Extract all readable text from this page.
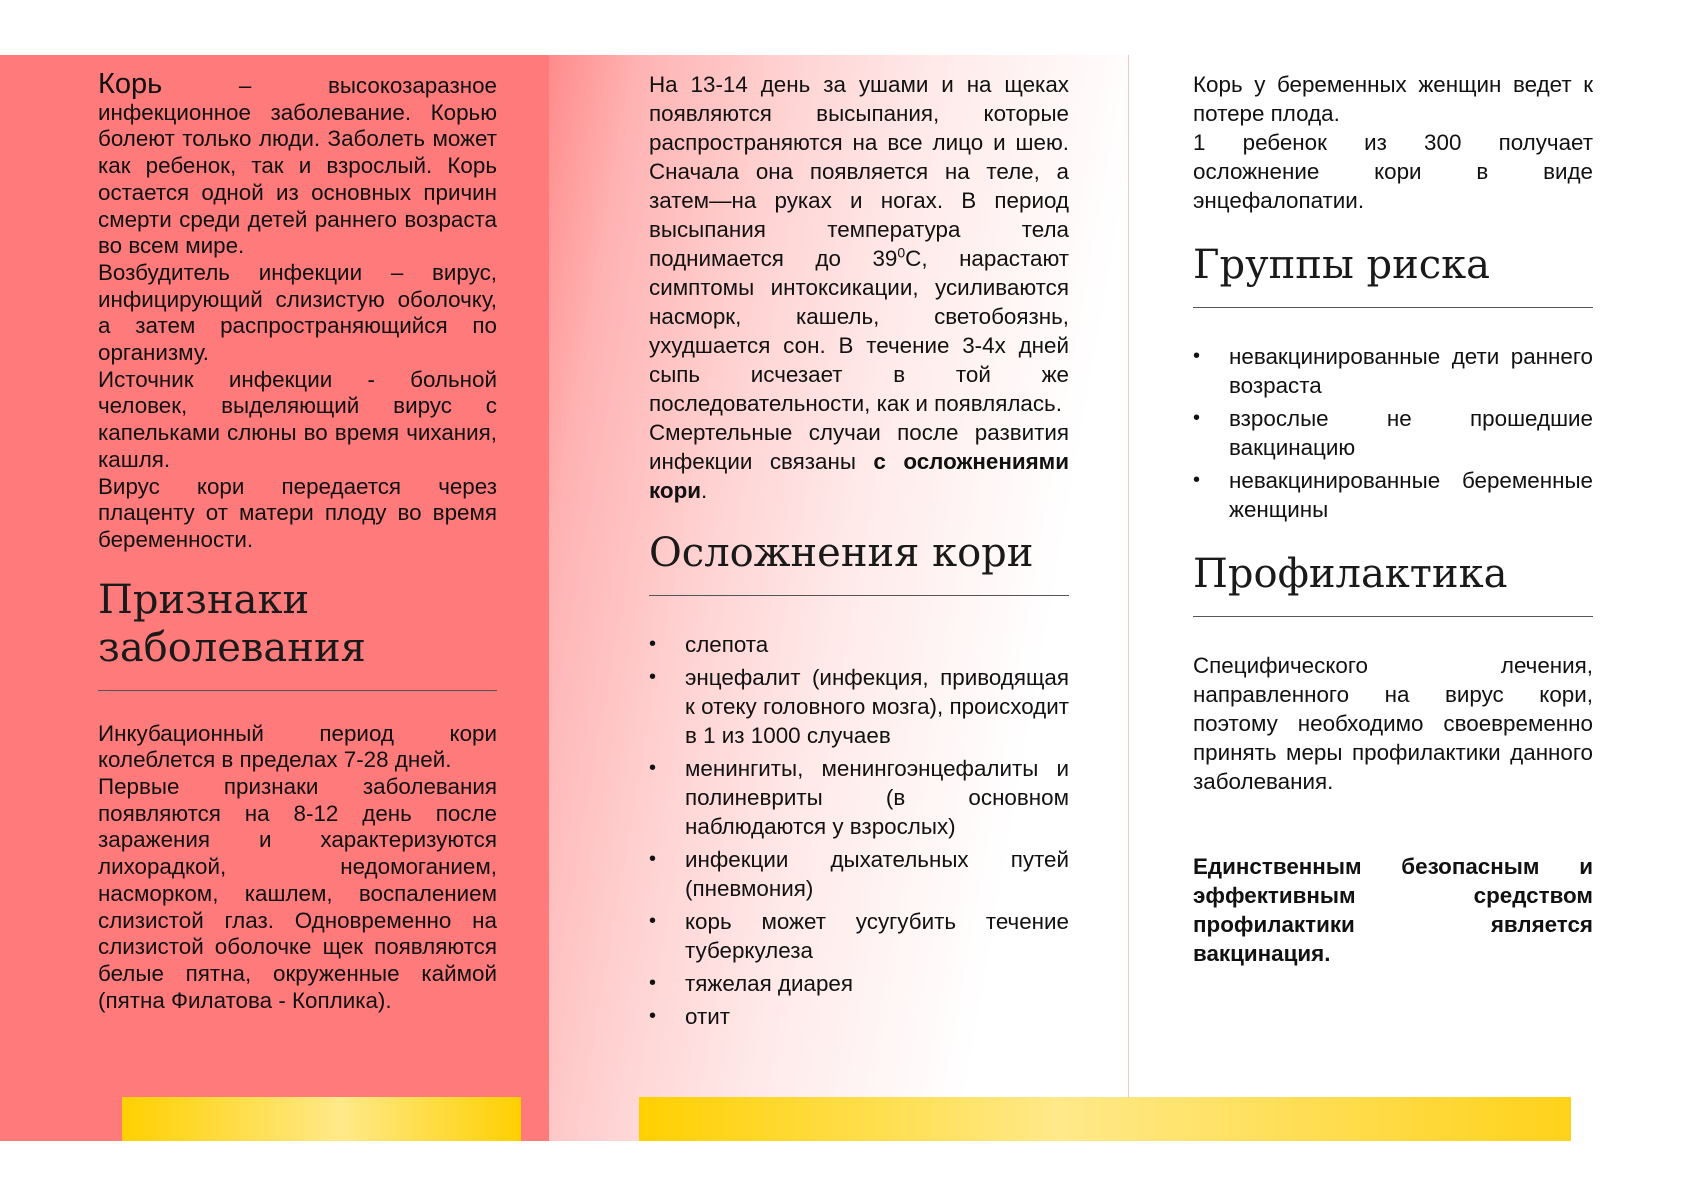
Корь – высокозаразное инфекционное заболевание. Корью болеют только люди. Заболеть может как ребенок, так и взрослый. Корь остается одной из основных причин смерти среди детей раннего возраста во всем мире.

Возбудитель инфекции – вирус, инфицирующий слизистую оболочку, а затем распространяющийся по организму.

Источник инфекции - больной человек, выделяющий вирус с капельками слюны во время чихания, кашля.

Вирус кори передается через плаценту от матери плоду во время беременности.

Признаки
заболевания

Инкубационный период кори колеблется в пределах 7-28 дней.

Первые признаки заболевания появляются на 8-12 день после заражения и характеризуются лихорадкой, недомоганием, насморком, кашлем, воспалением слизистой глаз. Одновременно на слизистой оболочке щек появляются белые пятна, окруженные каймой (пятна Филатова - Коплика).

На 13-14 день за ушами и на щеках появляются высыпания, которые распространяются на все лицо и шею. Сначала она появляется на теле, а затем—на руках и ногах. В период высыпания температура тела поднимается до $39^0С$, нарастают симптомы интоксикации, усиливаются насморк, кашель, светобоязнь, ухудшается сон. В течение 3-4х дней сыпь исчезает в той же последовательности, как и появлялась.

Смертельные случаи после развития инфекции связаны с осложнениями кори.

Осложнения кори
• слепота
• энцефалит (инфекция, приводящая к отеку головного мозга), происходит в 1 из 1000 случаев
• менингиты, менингоэнцефалиты и полиневриты (в основном наблюдаются у взрослых)
• инфекции дыхательных путей (пневмония)
• корь может усугубить течение туберкулеза
• тяжелая диарея
• отит

Корь у беременных женщин ведет к потере плода.

1 ребенок из 300 получает осложнение кори в виде энцефалопатии.

Группы риска
• невакцинированные дети раннего возраста
• взрослые не прошедшие вакцинацию
• невакцинированные беременные женщины
Профилактика

Специфического лечения, направленного на вирус кори, поэтому необходимо своевременно принять меры профилактики данного заболевания.

Единственным безопасным и эффективным средством профилактики является вакцинация.
